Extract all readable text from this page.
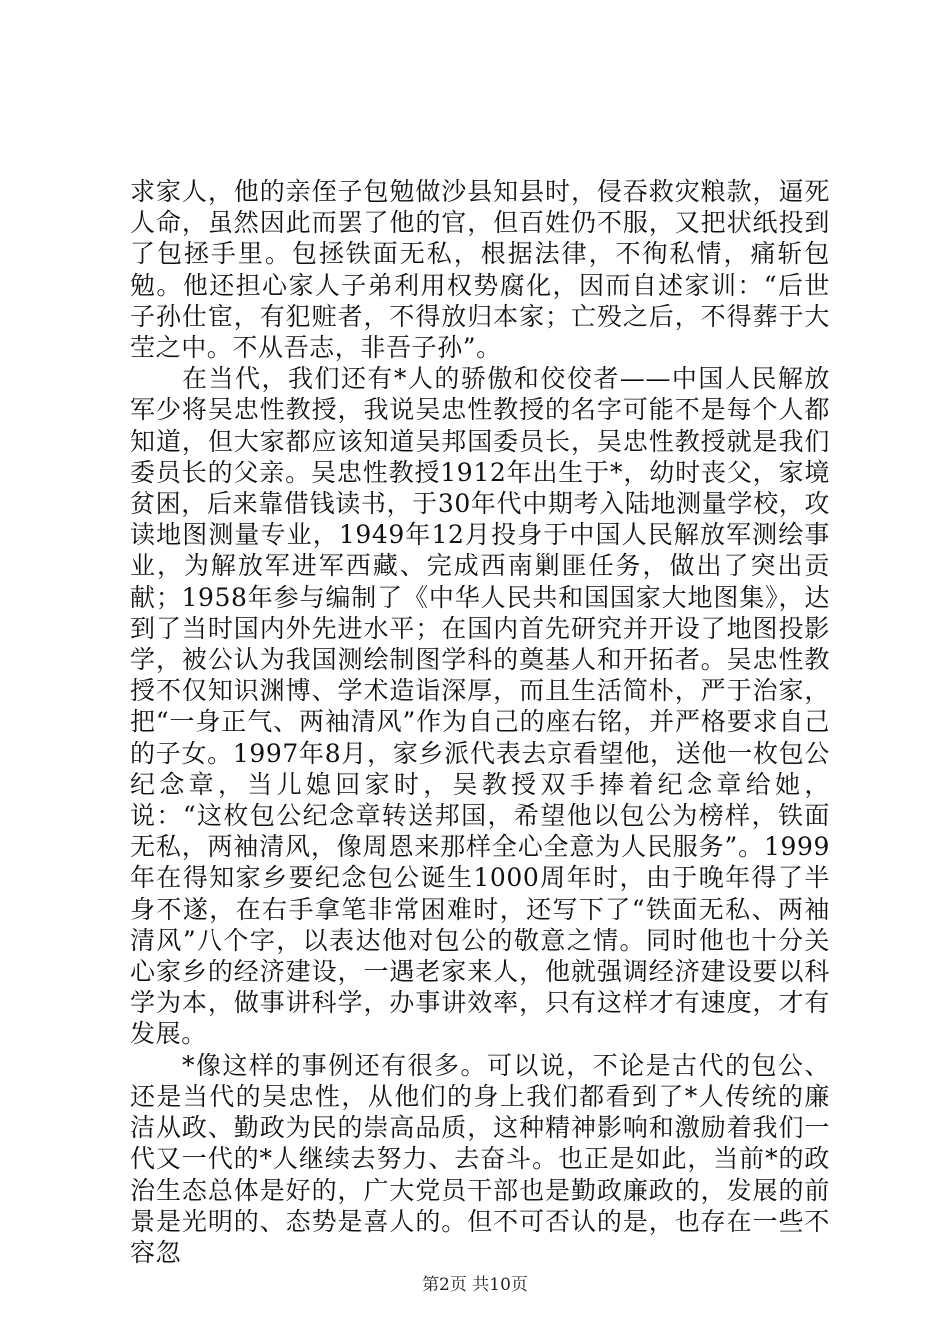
求家人，他的亲侄子包勉做沙县知县时，侵吞救灾粮款，逼死人命，虽然因此而罢了他的官，但百姓仍不服，又把状纸投到了包拯手里。包拯铁面无私，根据法律，不徇私情，痛斩包勉。他还担心家人子弟利用权势腐化，因而自述家训：“后世子孙仕宦，有犯赃者，不得放归本家；亡殁之后，不得葬于大茔之中。不从吾志，非吾子孙”。

在当代，我们还有*人的骄傲和佼佼者——中国人民解放军少将吴忠性教授，我说吴忠性教授的名字可能不是每个人都知道，但大家都应该知道吴邦国委员长，吴忠性教授就是我们委员长的父亲。吴忠性教授1912年出生于*，幼时丧父，家境贫困，后来靠借钱读书，于30年代中期考入陆地测量学校，攻读地图测量专业，1949年12月投身于中国人民解放军测绘事业，为解放军进军西藏、完成西南剿匪任务，做出了突出贡献；1958年参与编制了《中华人民共和国国家大地图集》，达到了当时国内外先进水平；在国内首先研究并开设了地图投影学，被公认为我国测绘制图学科的奠基人和开拓者。吴忠性教授不仅知识渊博、学术造诣深厚，而且生活简朴，严于治家，把“一身正气、两袖清风”作为自己的座右铭，并严格要求自己的子女。1997年8月，家乡派代表去京看望他，送他一枚包公纪念章，当儿媳回家时，吴教授双手捧着纪念章给她，说：“这枚包公纪念章转送邦国，希望他以包公为榜样，铁面无私，两袖清风，像周恩来那样全心全意为人民服务”。1999年在得知家乡要纪念包公诞生1000周年时，由于晚年得了半身不遂，在右手拿笔非常困难时，还写下了“铁面无私、两袖清风”八个字，以表达他对包公的敬意之情。同时他也十分关心家乡的经济建设，一遇老家来人，他就强调经济建设要以科学为本，做事讲科学，办事讲效率，只有这样才有速度，才有发展。

*像这样的事例还有很多。可以说，不论是古代的包公、还是当代的吴忠性，从他们的身上我们都看到了*人传统的廉洁从政、勤政为民的崇高品质，这种精神影响和激励着我们一代又一代的*人继续去努力、去奋斗。也正是如此，当前*的政治生态总体是好的，广大党员干部也是勤政廉政的，发展的前景是光明的、态势是喜人的。但不可否认的是，也存在一些不容忽

第2页 共10页
